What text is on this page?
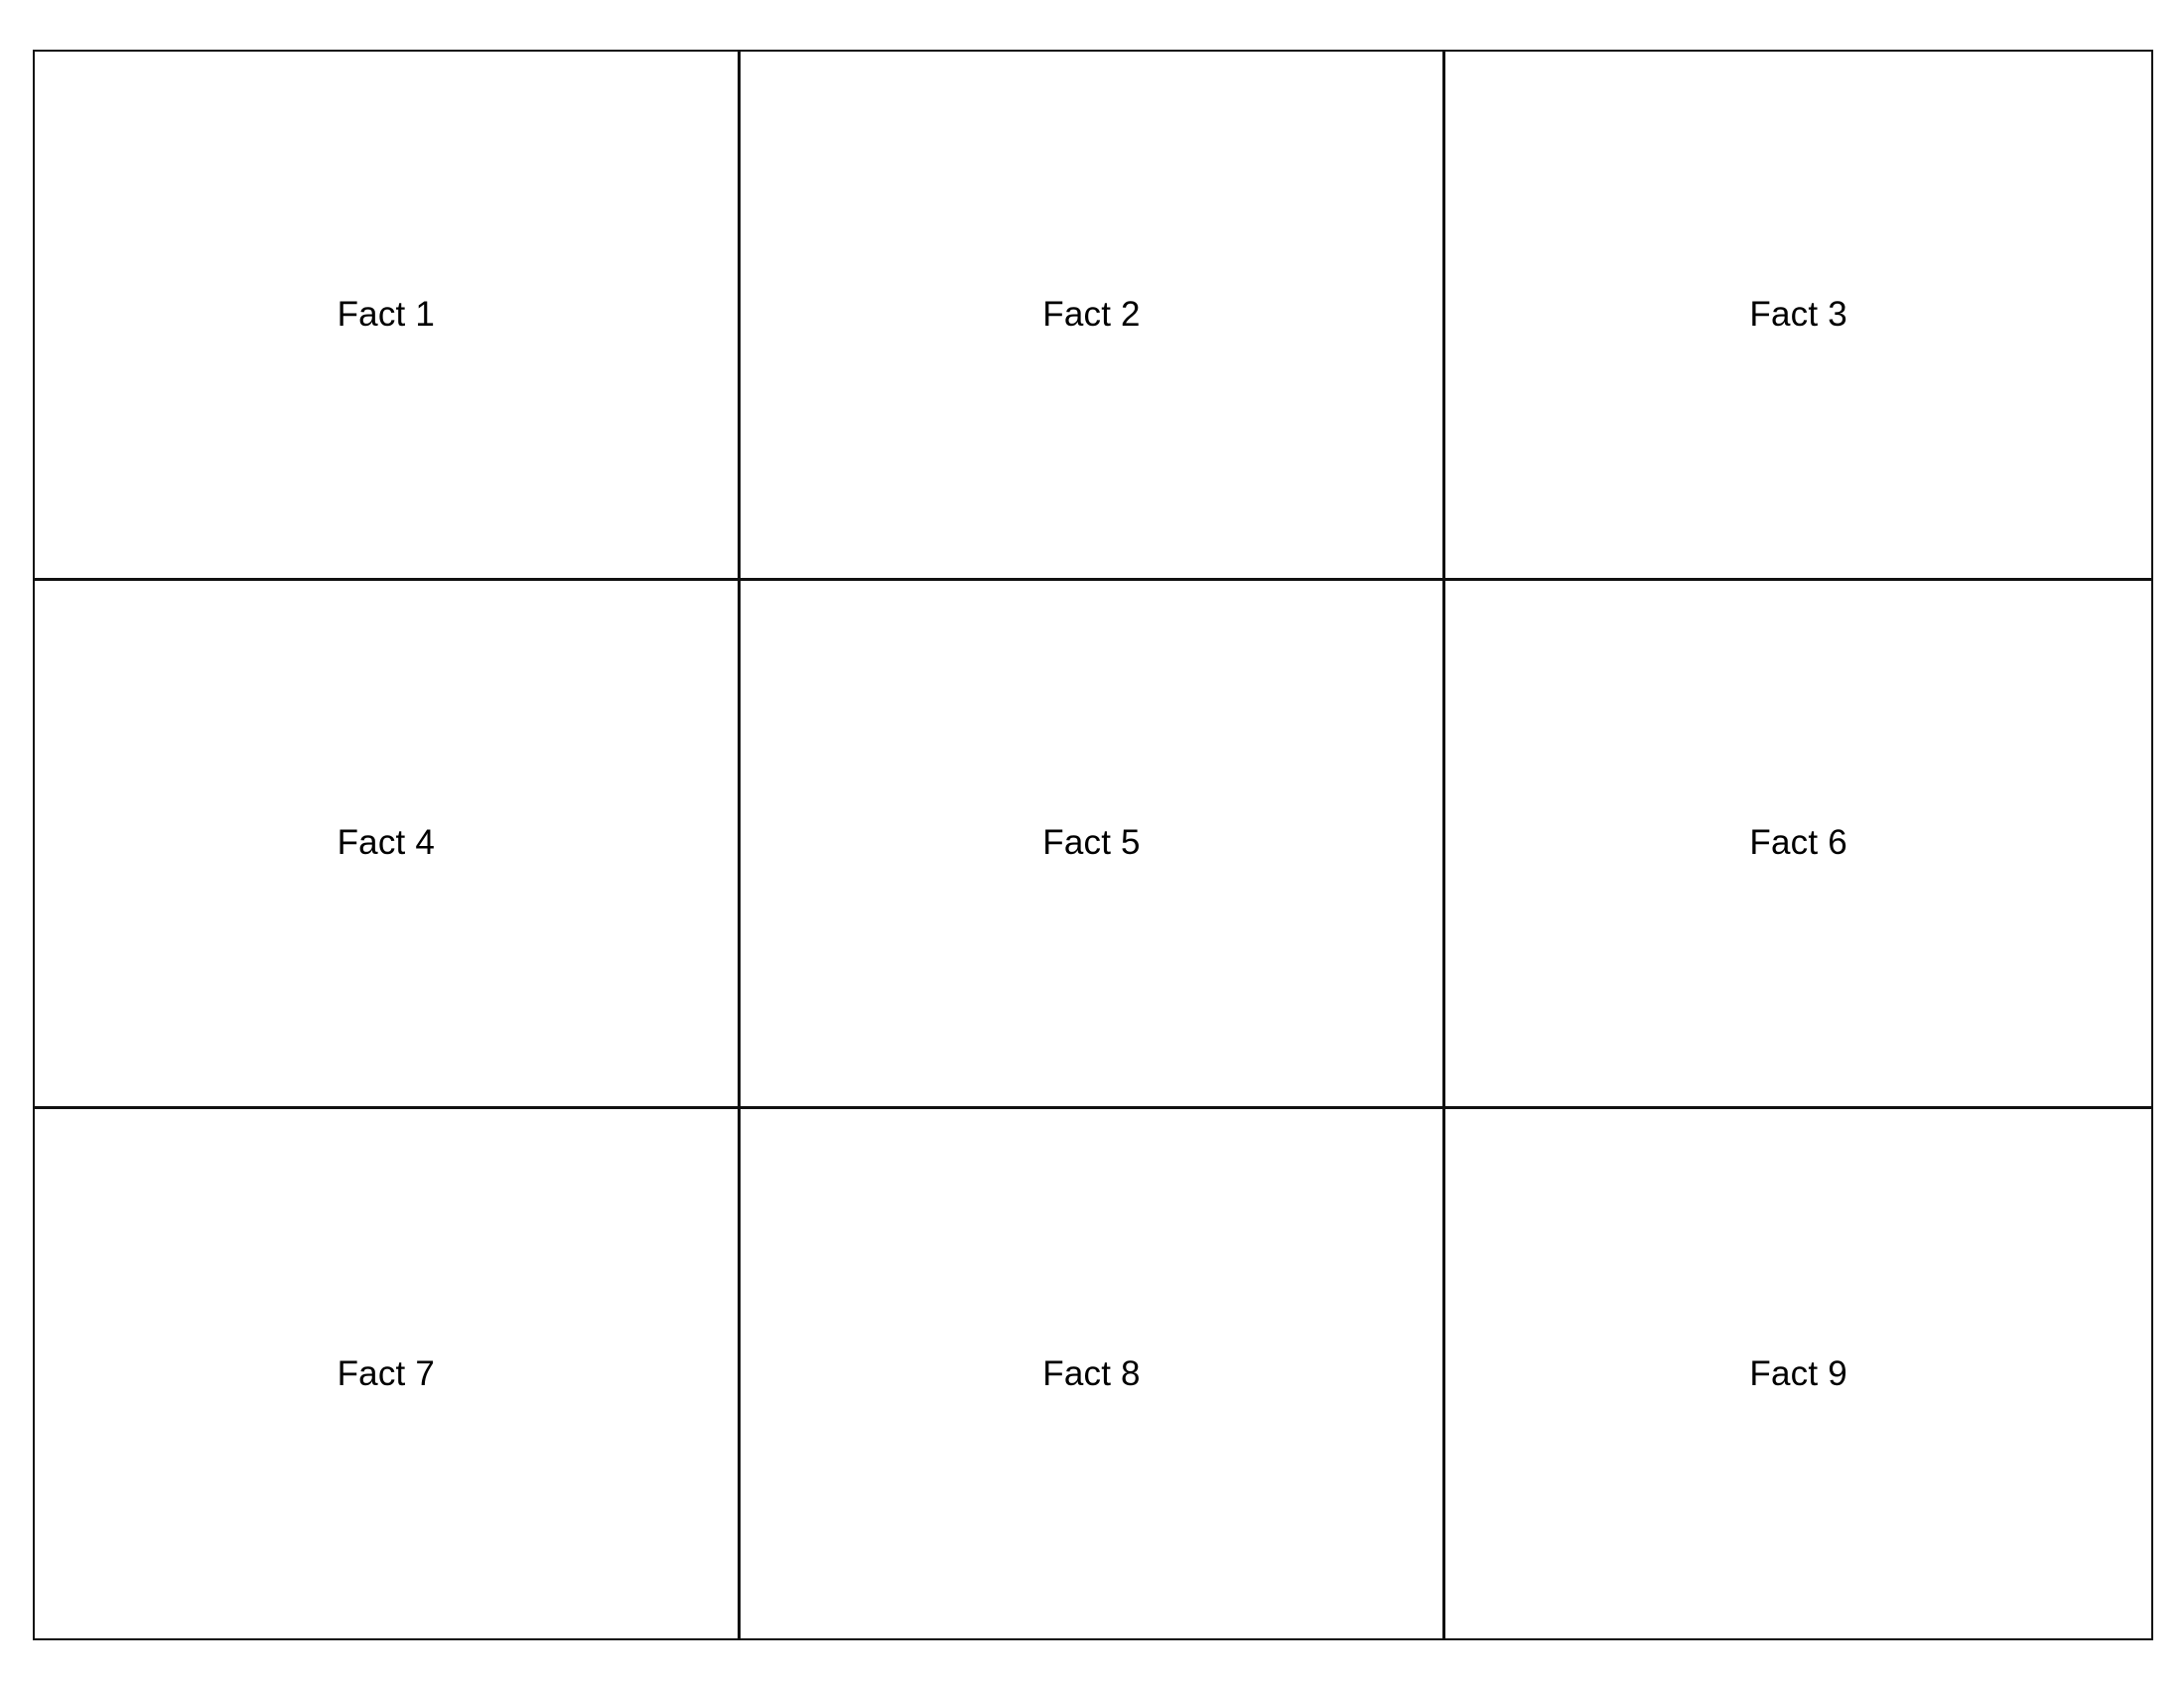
Fact 1	Fact 2	Fact 3
Fact 4	Fact 5	Fact 6
Fact 7	Fact 8	Fact 9
